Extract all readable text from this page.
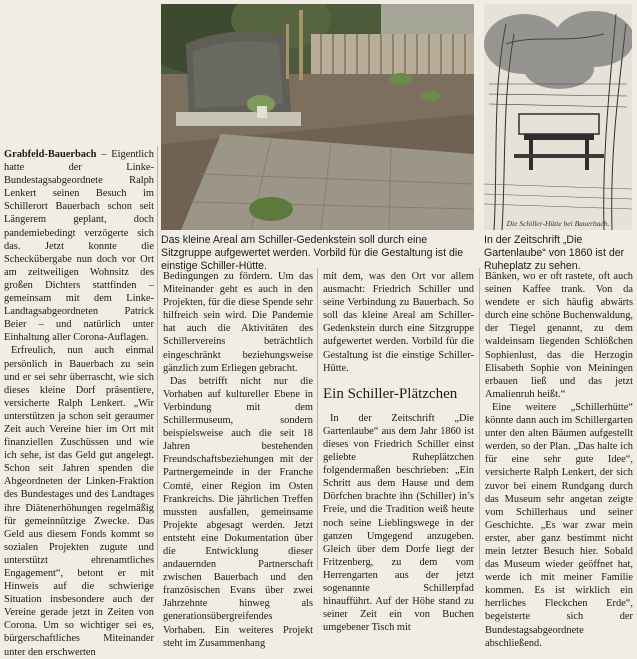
Grabfeld-Bauerbach – Eigentlich hatte der Linke-Bundestagsabgeordnete Ralph Lenkert seinen Besuch im Schillerort Bauerbach schon seit Längerem geplant, doch pandemiebedingt verzögerte sich das. Jetzt konnte die Scheckübergabe nun doch vor Ort am zeitweiligen Wohnsitz des großen Dichters stattfinden – gemeinsam mit dem Linke-Landtagsabgeordneten Patrick Beier – und natürlich unter Einhaltung aller Corona-Auflagen.

Erfreulich, nun auch einmal persönlich in Bauerbach zu sein und er sei sehr überrascht, wie sich dieses kleine Dorf präsentiere, versicherte Ralph Lenkert. „Wir unterstützen ja schon seit geraumer Zeit auch Vereine hier im Ort mit finanziellen Zuschüssen und wie ich sehe, ist das Geld gut angelegt. Schon seit Jahren spenden die Abgeordneten der Linken-Fraktion des Bundestages und des Landtages ihre Diätenerhöhungen regelmäßig für gemeinnützige Zwecke. Das Geld aus diesem Fonds kommt so sozialen Projekten zugute und unterstützt ehrenamtliches Engagement“, betont er mit Hinweis auf die schwierige Situation insbesondere auch der Vereine gerade jetzt in Zeiten von Corona. Um so wichtiger sei es, bürgerschaftliches Miteinander unter den erschwerten

Die Schiller-Hütte bei Bauerbach.
Das kleine Areal am Schiller-Gedenkstein soll durch eine Sitzgruppe aufgewertet werden. Vorbild für die Gestaltung ist die einstige Schiller-Hütte.
In der Zeitschrift „Die Gartenlaube“ von 1860 ist der Ruheplatz zu sehen.

Bedingungen zu fördern. Um das Miteinander geht es auch in den Projekten, für die diese Spende sehr hilfreich sein wird. Die Pandemie hat auch die Aktivitäten des Schillervereins beträchtlich eingeschränkt beziehungsweise gänzlich zum Erliegen gebracht.

Das betrifft nicht nur die Vorhaben auf kultureller Ebene in Verbindung mit dem Schillermuseum, sondern beispielsweise auch die seit 18 Jahren bestehenden Freundschaftsbeziehungen mit der Partnergemeinde in der Franche Comté, einer Region im Osten Frankreichs. Die jährlichen Treffen mussten ausfallen, gemeinsame Projekte abgesagt werden. Jetzt entsteht eine Dokumentation über die Entwicklung dieser andauernden Partnerschaft zwischen Bauerbach und den französischen Evans über zwei Jahrzehnte hinweg als generationsübergreifendes Vorhaben. Ein weiteres Projekt steht im Zusammenhang

mit dem, was den Ort vor allem ausmacht: Friedrich Schiller und seine Verbindung zu Bauerbach. So soll das kleine Areal am Schiller-Gedenkstein durch eine Sitzgruppe aufgewertet werden. Vorbild für die Gestaltung ist die einstige Schiller-Hütte.

Ein Schiller-Plätzchen

In der Zeitschrift „Die Gartenlaube“ aus dem Jahr 1860 ist dieses von Friedrich Schiller einst geliebte Ruheplätzchen folgendermaßen beschrieben: „Ein Schritt aus dem Hause und dem Dörfchen brachte ihn (Schiller) in’s Freie, und die Tradition weiß heute noch seine Lieblingswege in der ganzen Umgegend anzugeben. Gleich über dem Dorfe liegt der Fritzenberg, zu dem vom Herrengarten aus der jetzt sogenannte Schillerpfad hinaufführt. Auf der Höhe stand zu seiner Zeit ein von Buchen umgebener Tisch mit

Bänken, wo er oft rastete, oft auch seinen Kaffee trank. Von da wendete er sich häufig abwärts durch eine schöne Buchenwaldung, der Tiegel genannt, zu dem waldeinsam liegenden Schlößchen Sophienlust, das die Herzogin Elisabeth Sophie von Meiningen erbauen ließ und das jetzt Amalienruh heißt.“

Eine weitere „Schillerhütte“ könnte dann auch im Schillergarten unter den alten Bäumen aufgestellt werden, so der Plan. „Das halte ich für eine sehr gute Idee“, versicherte Ralph Lenkert, der sich zuvor bei einem Rundgang durch das Museum sehr angetan zeigte vom Schillerhaus und seiner Geschichte. „Es war zwar mein erster, aber ganz bestimmt nicht mein letzter Besuch hier. Sobald das Museum wieder geöffnet hat, werde ich mit meiner Familie kommen. Es ist wirklich ein herrliches Fleckchen Erde“, begeisterte sich der Bundestagsabgeordnete abschließend.
